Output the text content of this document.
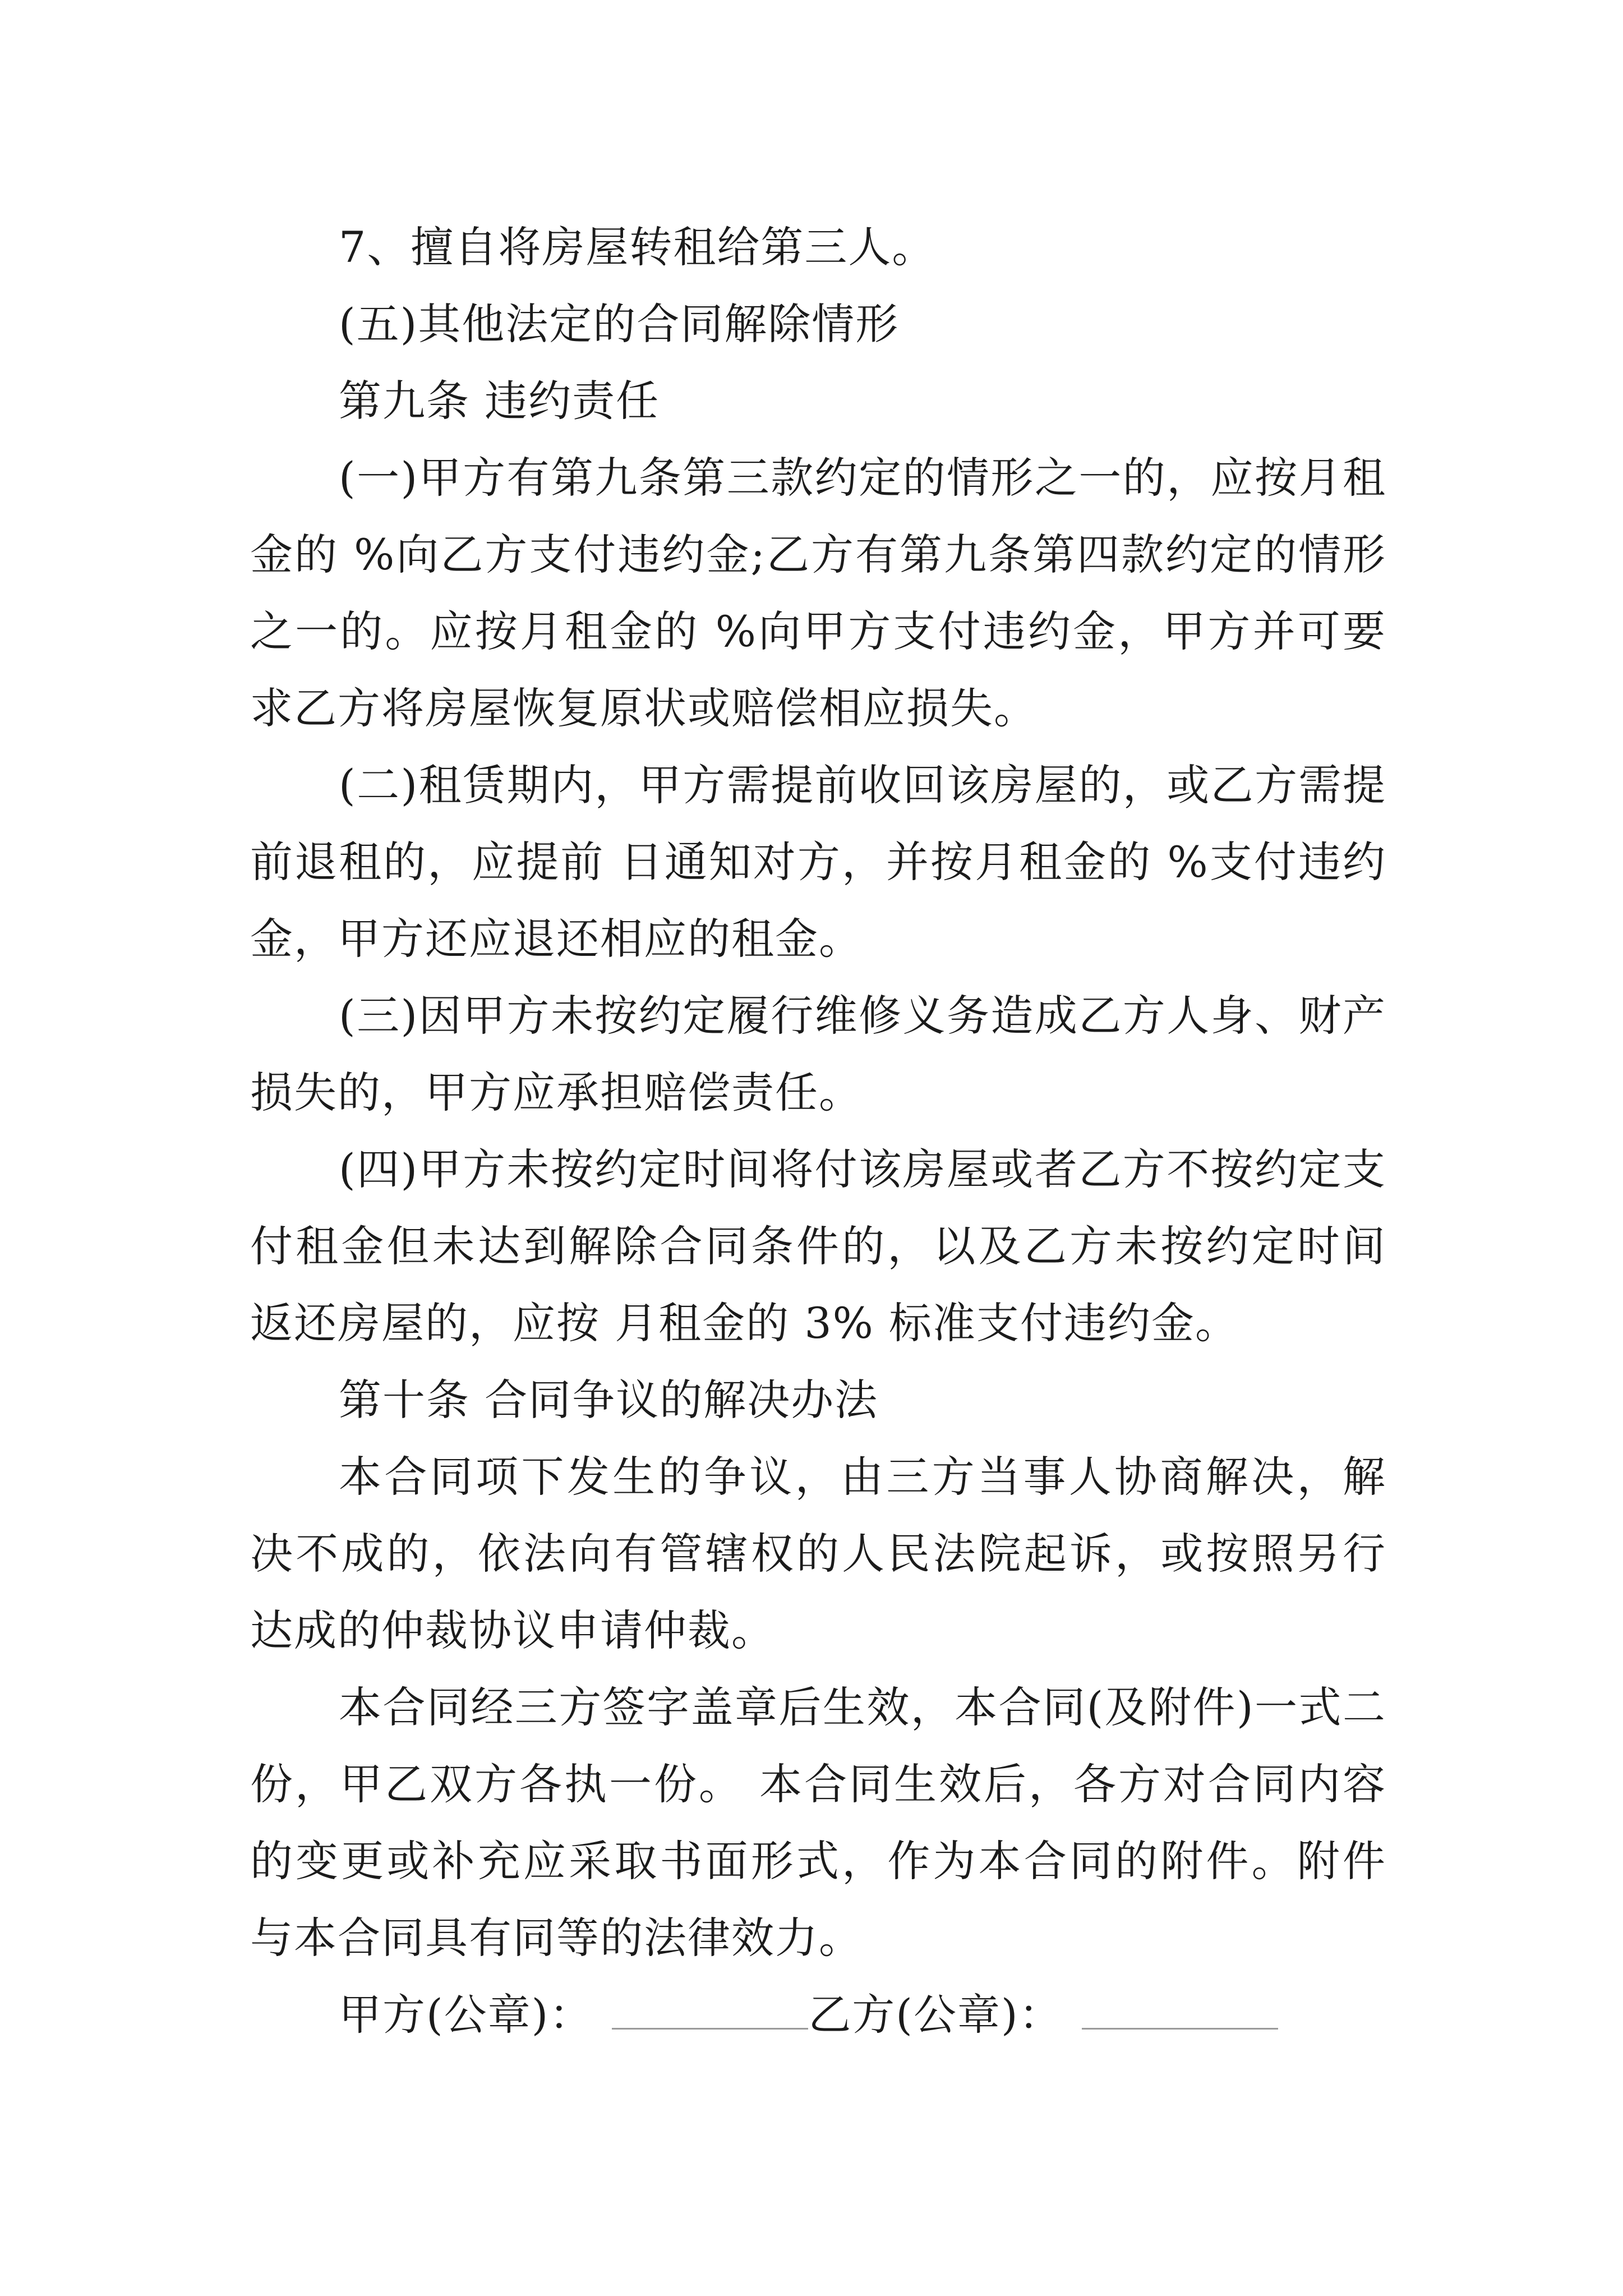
7、擅自将房屋转租给第三人。

(五)其他法定的合同解除情形

第九条 违约责任

(一)甲方有第九条第三款约定的情形之一的，应按月租金的 %向乙方支付违约金;乙方有第九条第四款约定的情形之一的。应按月租金的 %向甲方支付违约金，甲方并可要求乙方将房屋恢复原状或赔偿相应损失。

(二)租赁期内，甲方需提前收回该房屋的，或乙方需提前退租的，应提前 日通知对方，并按月租金的 %支付违约金，甲方还应退还相应的租金。

(三)因甲方未按约定履行维修义务造成乙方人身、财产损失的，甲方应承担赔偿责任。

(四)甲方未按约定时间将付该房屋或者乙方不按约定支付租金但未达到解除合同条件的，以及乙方未按约定时间返还房屋的，应按 月租金的 3% 标准支付违约金。

第十条 合同争议的解决办法

本合同项下发生的争议，由三方当事人协商解决，解决不成的，依法向有管辖权的人民法院起诉，或按照另行达成的仲裁协议申请仲裁。

本合同经三方签字盖章后生效，本合同(及附件)一式二份，甲乙双方各执一份。 本合同生效后，各方对合同内容的变更或补充应采取书面形式，作为本合同的附件。附件与本合同具有同等的法律效力。

甲方(公章)：	乙方(公章)：
